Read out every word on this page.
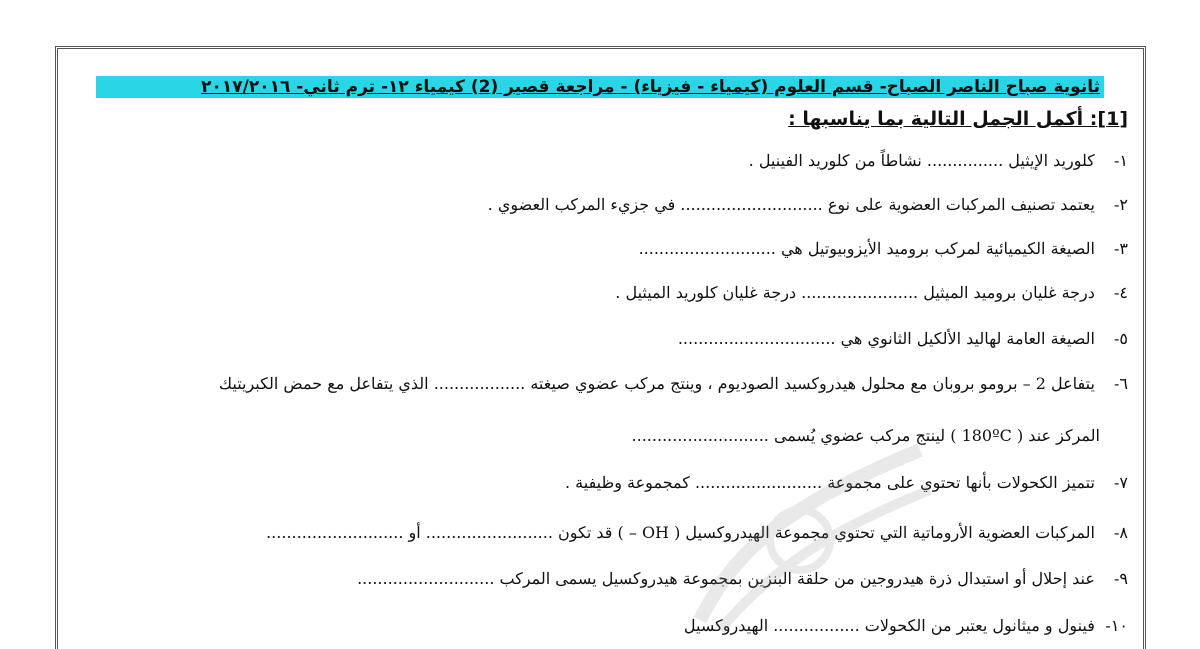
ثانوية صباح الناصر الصباح- قسم العلوم (كيمياء - فيزياء) - مراجعة قصير (2) كيمياء ١٢- ترم ثاني- ٢٠١٧/٢٠١٦
[1]: أكمل الجمل التالية بما يناسبها :
١- كلوريد الإيثيل ............... نشاطاً من كلوريد الفينيل .
٢- يعتمد تصنيف المركبات العضوية على نوع ............................ في جزيء المركب العضوي .
٣- الصيغة الكيميائية لمركب بروميد الأيزوبيوتيل هي ...........................
٤- درجة غليان بروميد الميثيل ....................... درجة غليان كلوريد الميثيل .
٥- الصيغة العامة لهاليد الألكيل الثانوي هي ...............................
٦- يتفاعل 2 – برومو بروبان مع محلول هيدروكسيد الصوديوم ، وينتج مركب عضوي صيغته .................. الذي يتفاعل مع حمض الكبريتيك
المركز عند ( 180ºC ) لينتج مركب عضوي يُسمى ...........................
٧- تتميز الكحولات بأنها تحتوي على مجموعة ......................... كمجموعة وظيفية .
٨- المركبات العضوية الأروماتية التي تحتوي مجموعة الهيدروكسيل ( OH – ) قد تكون ......................... أو ...........................
٩- عند إحلال أو استبدال ذرة هيدروجين من حلقة البنزين بمجموعة هيدروكسيل يسمى المركب ...........................
١٠- فينول و ميثانول يعتبر من الكحولات ................. الهيدروكسيل
